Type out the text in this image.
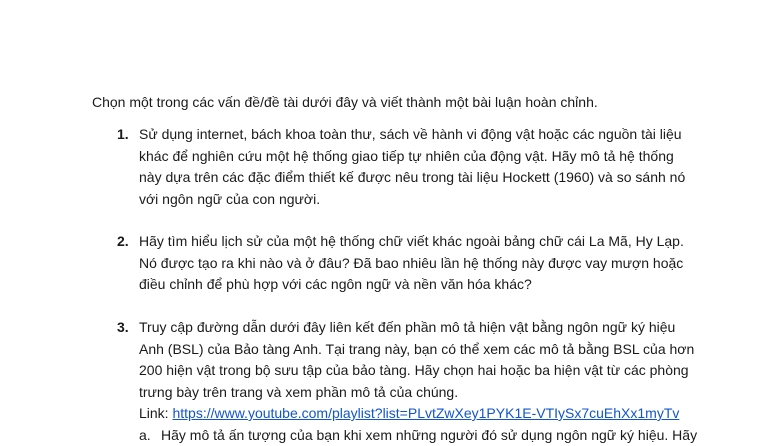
Chọn một trong các vấn đề/đề tài dưới đây và viết thành một bài luận hoàn chỉnh.
1. Sử dụng internet, bách khoa toàn thư, sách về hành vi động vật hoặc các nguồn tài liệu
khác để nghiên cứu một hệ thống giao tiếp tự nhiên của động vật. Hãy mô tả hệ thống
này dựa trên các đặc điểm thiết kế được nêu trong tài liệu Hockett (1960) và so sánh nó
với ngôn ngữ của con người.
2. Hãy tìm hiểu lịch sử của một hệ thống chữ viết khác ngoài bảng chữ cái La Mã, Hy Lạp.
Nó được tạo ra khi nào và ở đâu? Đã bao nhiêu lần hệ thống này được vay mượn hoặc
điều chỉnh để phù hợp với các ngôn ngữ và nền văn hóa khác?
3. Truy cập đường dẫn dưới đây liên kết đến phần mô tả hiện vật bằng ngôn ngữ ký hiệu
Anh (BSL) của Bảo tàng Anh. Tại trang này, bạn có thể xem các mô tả bằng BSL của hơn
200 hiện vật trong bộ sưu tập của bảo tàng. Hãy chọn hai hoặc ba hiện vật từ các phòng
trưng bày trên trang và xem phần mô tả của chúng.
Link: https://www.youtube.com/playlist?list=PLvtZwXey1PYK1E-VTIySx7cuEhXx1myTv
a. Hãy mô tả ấn tượng của bạn khi xem những người đó sử dụng ngôn ngữ ký hiệu. Hãy
